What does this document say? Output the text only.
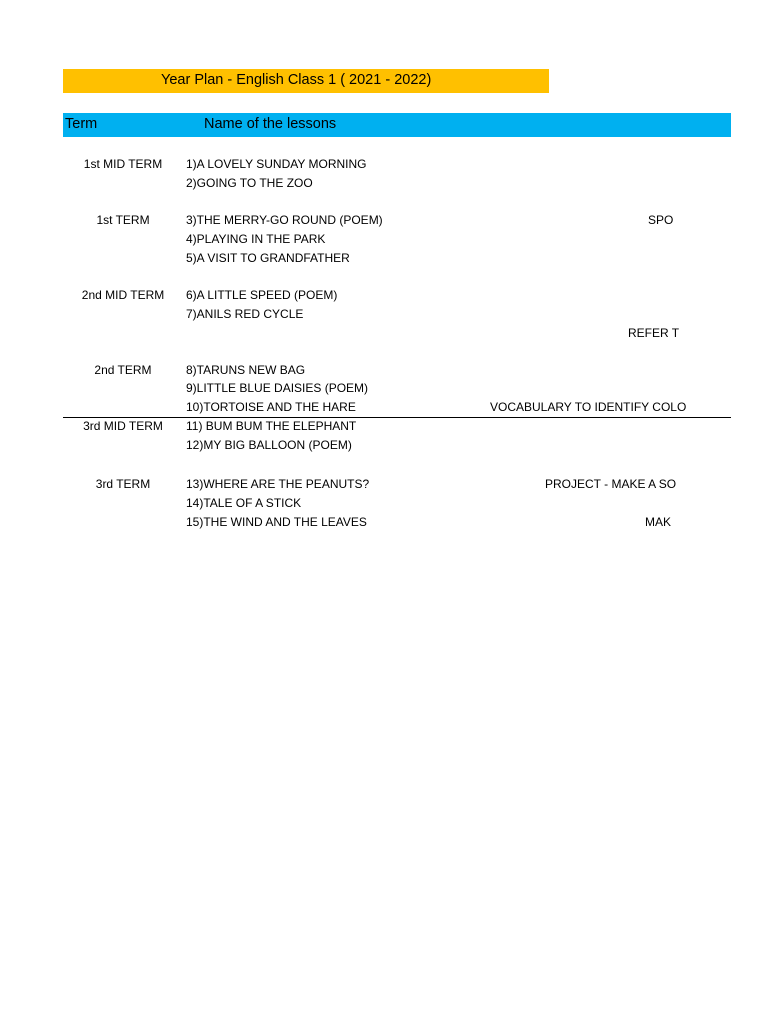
Year Plan - English Class 1 ( 2021 - 2022)
Term	Name of the lessons
1st MID TERM
1st TERM
2nd MID TERM
2nd TERM
3rd MID TERM
3rd TERM
1)A LOVELY SUNDAY MORNING
2)GOING TO THE ZOO
3)THE MERRY-GO ROUND (POEM)
4)PLAYING IN THE PARK
5)A VISIT TO GRANDFATHER
6)A LITTLE SPEED (POEM)
7)ANILS RED CYCLE
8)TARUNS NEW BAG
9)LITTLE BLUE DAISIES (POEM)
10)TORTOISE AND THE HARE
11) BUM BUM THE ELEPHANT
12)MY BIG BALLOON (POEM)
13)WHERE ARE THE PEANUTS?
14)TALE OF A STICK
15)THE WIND AND THE LEAVES
SPO
REFER T
VOCABULARY TO IDENTIFY COLO
PROJECT - MAKE A SO
MAK
